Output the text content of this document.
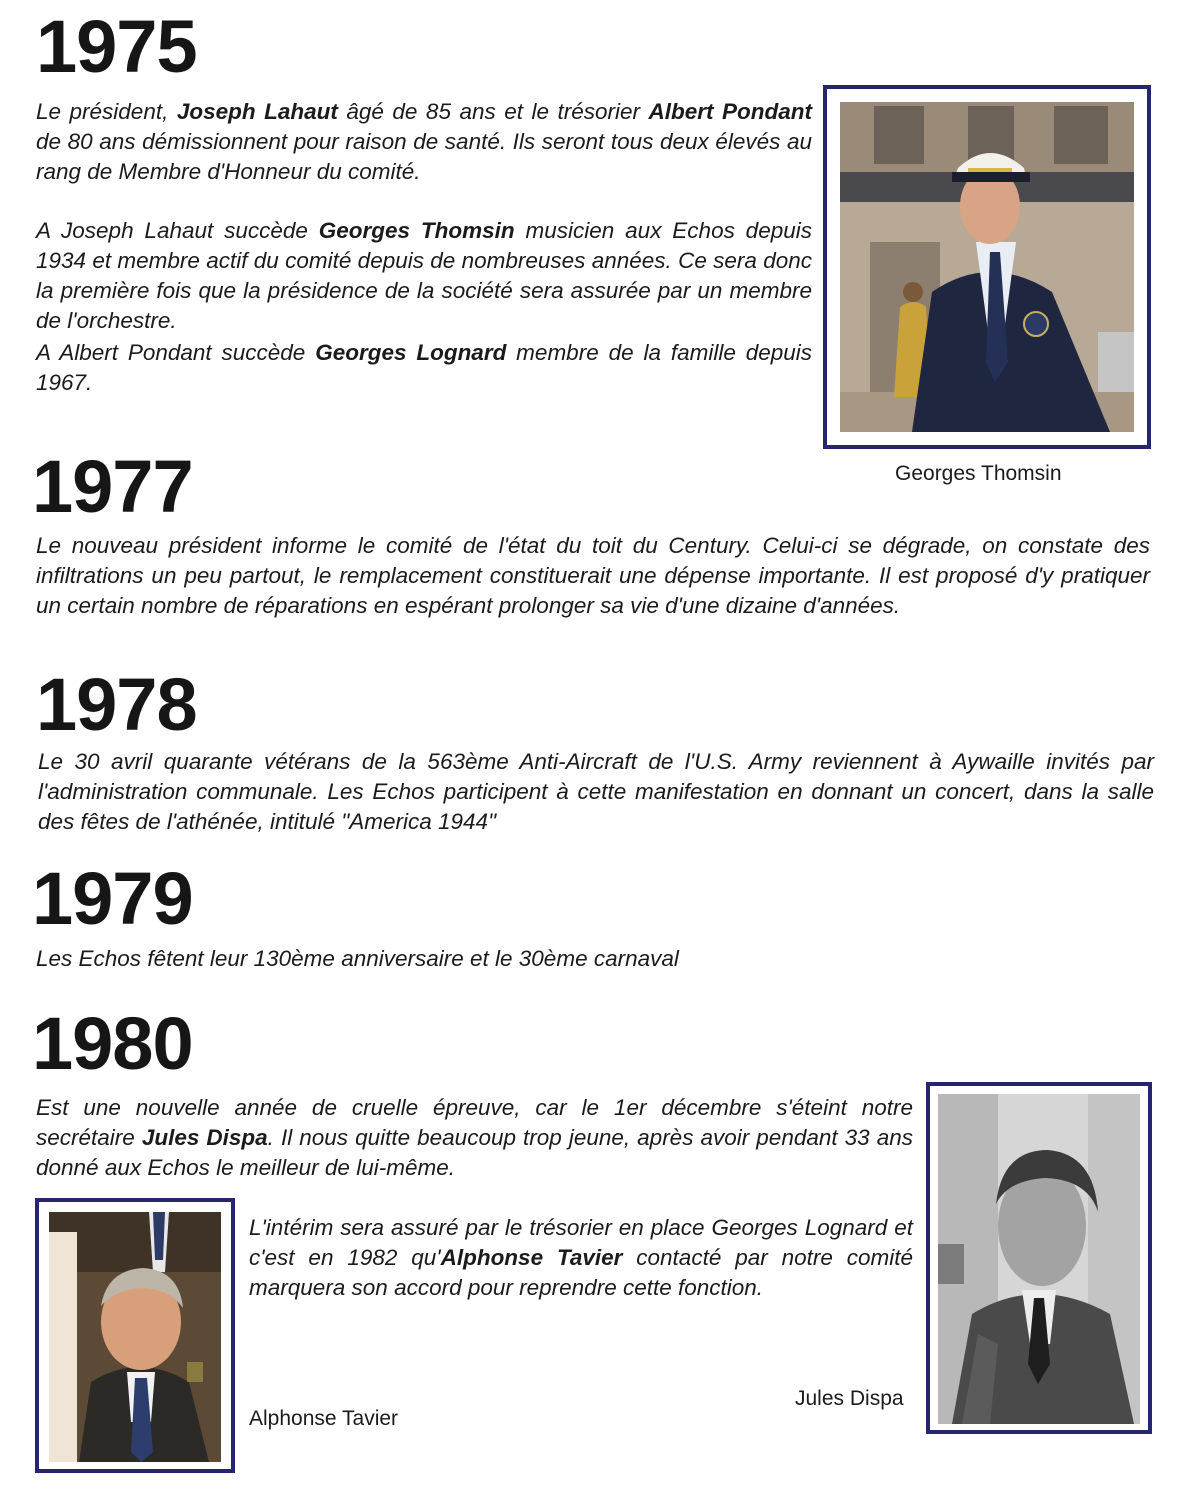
1975

Le président, Joseph Lahaut âgé de 85 ans et le trésorier Albert Pondant de 80 ans démissionnent pour raison de santé. Ils seront tous deux élevés au rang de Membre d'Honneur du comité.

A Joseph Lahaut succède Georges Thomsin musicien aux Echos depuis 1934 et membre actif du comité depuis de nombreuses années. Ce sera donc la première fois que la présidence de la société sera assurée par un membre de l'orchestre.

A Albert Pondant succède Georges Lognard membre de la famille depuis 1967.

Georges Thomsin

1977

Le nouveau président informe le comité de l'état du toit du Century. Celui-ci se dégrade, on constate des infiltrations un peu partout, le remplacement constituerait une dépense importante. Il est proposé d'y pratiquer un certain nombre de réparations en espérant prolonger sa vie d'une dizaine d'années.

1978

Le 30 avril quarante vétérans de la 563ème Anti-Aircraft de l'U.S. Army reviennent à Aywaille invités par l'administration communale. Les Echos participent à cette manifestation en donnant un concert, dans la salle des fêtes de l'athénée, intitulé "America 1944"

1979

Les Echos fêtent leur 130ème anniversaire et le 30ème carnaval

1980

Est une nouvelle année de cruelle épreuve, car le 1er décembre s'éteint notre secrétaire Jules Dispa. Il nous quitte beaucoup trop jeune, après avoir pendant 33 ans donné aux Echos le meilleur de lui-même.

L'intérim sera assuré par le trésorier en place Georges Lognard et c'est en 1982 qu'Alphonse Tavier contacté par notre comité marquera son accord pour reprendre cette fonction.

Jules Dispa

Alphonse Tavier
